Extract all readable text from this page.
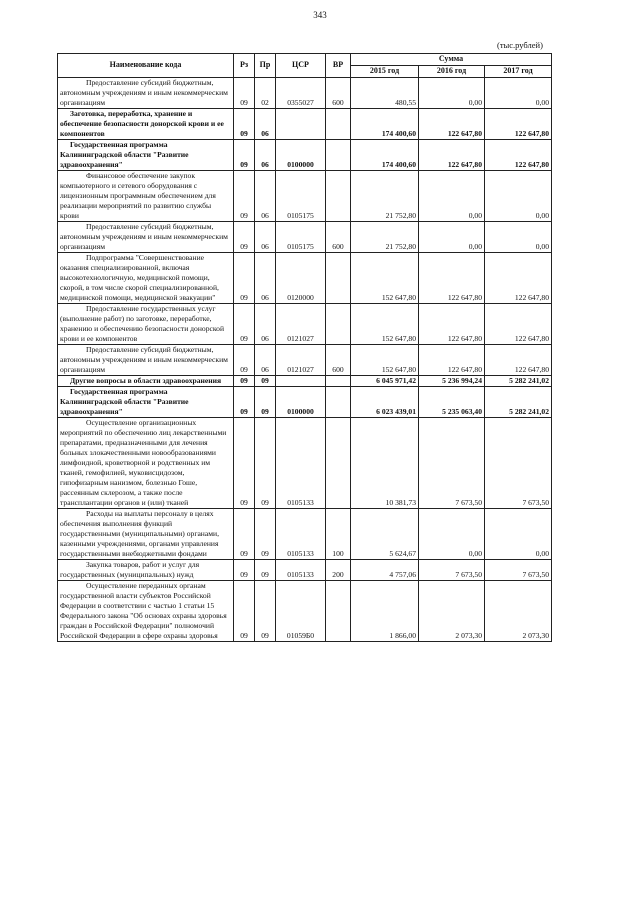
343
(тыс.рублей)
Наименование кода	Рз	Пр	ЦСР	ВР	Сумма		
					2015 год	2016 год	2017 год
Предоставление субсидий бюджетным, автономным учреждениям и иным некоммерческим организациям	09	02	0355027	600	480,55	0,00	0,00
Заготовка, переработка, хранение и обеспечение безопасности донорской крови и ее компонентов	09	06			174 400,60	122 647,80	122 647,80
Государственная программа Калининградской области "Развитие здравоохранения"	09	06	0100000		174 400,60	122 647,80	122 647,80
Финансовое обеспечение закупок компьютерного и сетевого оборудования с лицензионным программным обеспечением для реализации мероприятий по развитию службы крови	09	06	0105175		21 752,80	0,00	0,00
Предоставление субсидий бюджетным, автономным учреждениям и иным некоммерческим организациям	09	06	0105175	600	21 752,80	0,00	0,00
Подпрограмма "Совершенствование оказания специализированной, включая высокотехнологичную, медицинской помощи, скорой, в том числе скорой специализированной, медицинской помощи, медицинской эвакуации"	09	06	0120000		152 647,80	122 647,80	122 647,80
Предоставление государственных услуг (выполнение работ) по заготовке, переработке, хранению и обеспечению безопасности донорской крови и ее компонентов	09	06	0121027		152 647,80	122 647,80	122 647,80
Предоставление субсидий бюджетным, автономным учреждениям и иным некоммерческим организациям	09	06	0121027	600	152 647,80	122 647,80	122 647,80
Другие вопросы в области здравоохранения	09	09			6 045 971,42	5 236 994,24	5 282 241,02
Государственная программа Калининградской области "Развитие здравоохранения"	09	09	0100000		6 023 439,01	5 235 063,40	5 282 241,02
Осуществление организационных мероприятий по обеспечению лиц лекарственными препаратами, предназначенными для лечения больных злокачественными новообразованиями лимфоидной, кроветворной и родственных им тканей, гемофилией, муковисцидозом, гипофизарным нанизмом, болезнью Гоше, рассеянным склерозом, а также после трансплантации органов и (или) тканей	09	09	0105133		10 381,73	7 673,50	7 673,50
Расходы на выплаты персоналу в целях обеспечения выполнения функций государственными (муниципальными) органами, казенными учреждениями, органами управления государственными внебюджетными фондами	09	09	0105133	100	5 624,67	0,00	0,00
Закупка товаров, работ и услуг для государственных (муниципальных) нужд	09	09	0105133	200	4 757,06	7 673,50	7 673,50
Осуществление переданных органам государственной власти субъектов Российской Федерации в соответствии с частью 1 статьи 15 Федерального закона "Об основах охраны здоровья граждан в Российской Федерации" полномочий Российской Федерации в сфере охраны здоровья	09	09	01059Б0		1 866,00	2 073,30	2 073,30
